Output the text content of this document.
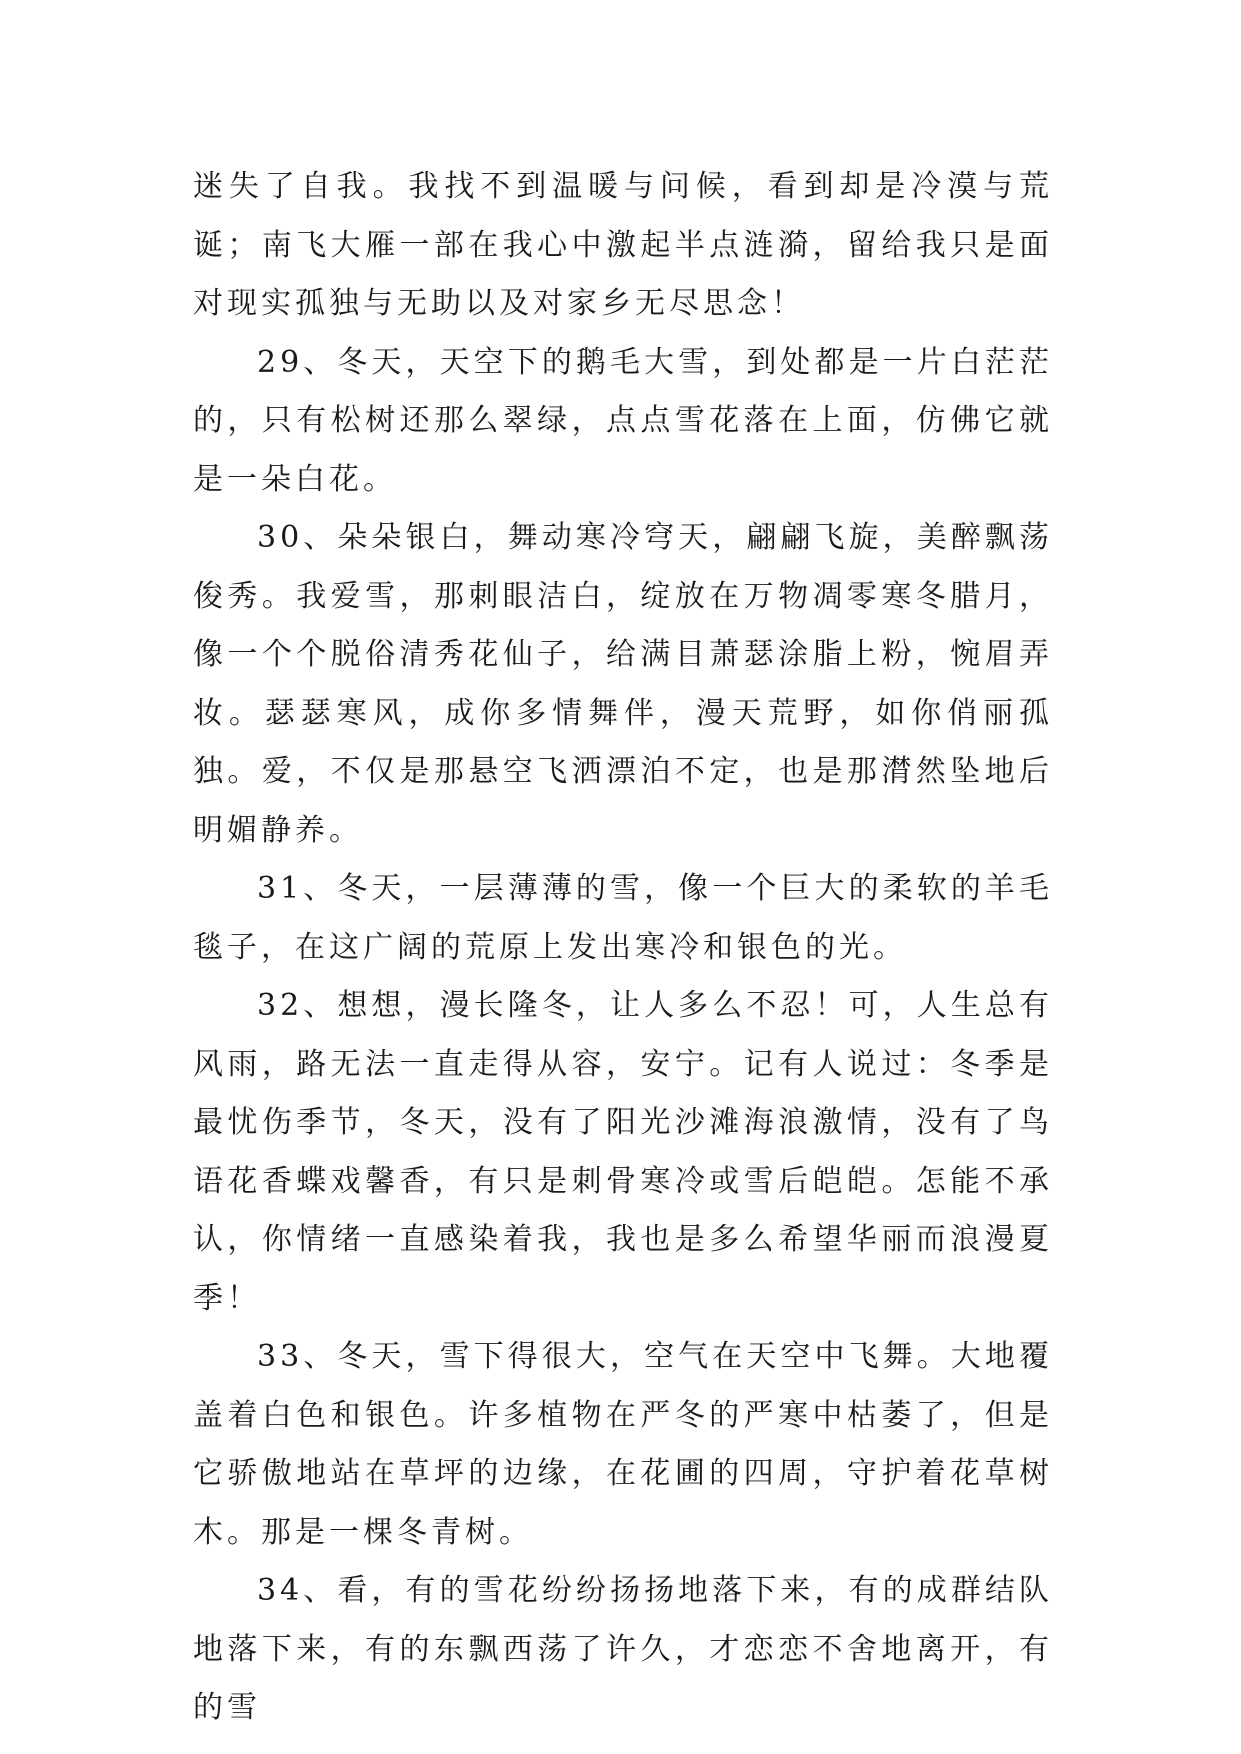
迷失了自我。我找不到温暖与问候，看到却是冷漠与荒诞；南飞大雁一部在我心中激起半点涟漪，留给我只是面对现实孤独与无助以及对家乡无尽思念！

29、冬天，天空下的鹅毛大雪，到处都是一片白茫茫的，只有松树还那么翠绿，点点雪花落在上面，仿佛它就是一朵白花。

30、朵朵银白，舞动寒冷穹天，翩翩飞旋，美醉飘荡俊秀。我爱雪，那刺眼洁白，绽放在万物凋零寒冬腊月，像一个个脱俗清秀花仙子，给满目萧瑟涂脂上粉，惋眉弄妆。瑟瑟寒风，成你多情舞伴，漫天荒野，如你俏丽孤独。爱，不仅是那悬空飞洒漂泊不定，也是那潸然坠地后明媚静养。

31、冬天，一层薄薄的雪，像一个巨大的柔软的羊毛毯子，在这广阔的荒原上发出寒冷和银色的光。

32、想想，漫长隆冬，让人多么不忍！可，人生总有风雨，路无法一直走得从容，安宁。记有人说过：冬季是最忧伤季节，冬天，没有了阳光沙滩海浪激情，没有了鸟语花香蝶戏馨香，有只是刺骨寒冷或雪后皑皑。怎能不承认，你情绪一直感染着我，我也是多么希望华丽而浪漫夏季！

33、冬天，雪下得很大，空气在天空中飞舞。大地覆盖着白色和银色。许多植物在严冬的严寒中枯萎了，但是它骄傲地站在草坪的边缘，在花圃的四周，守护着花草树木。那是一棵冬青树。

34、看，有的雪花纷纷扬扬地落下来，有的成群结队地落下来，有的东飘西荡了许久，才恋恋不舍地离开，有的雪
